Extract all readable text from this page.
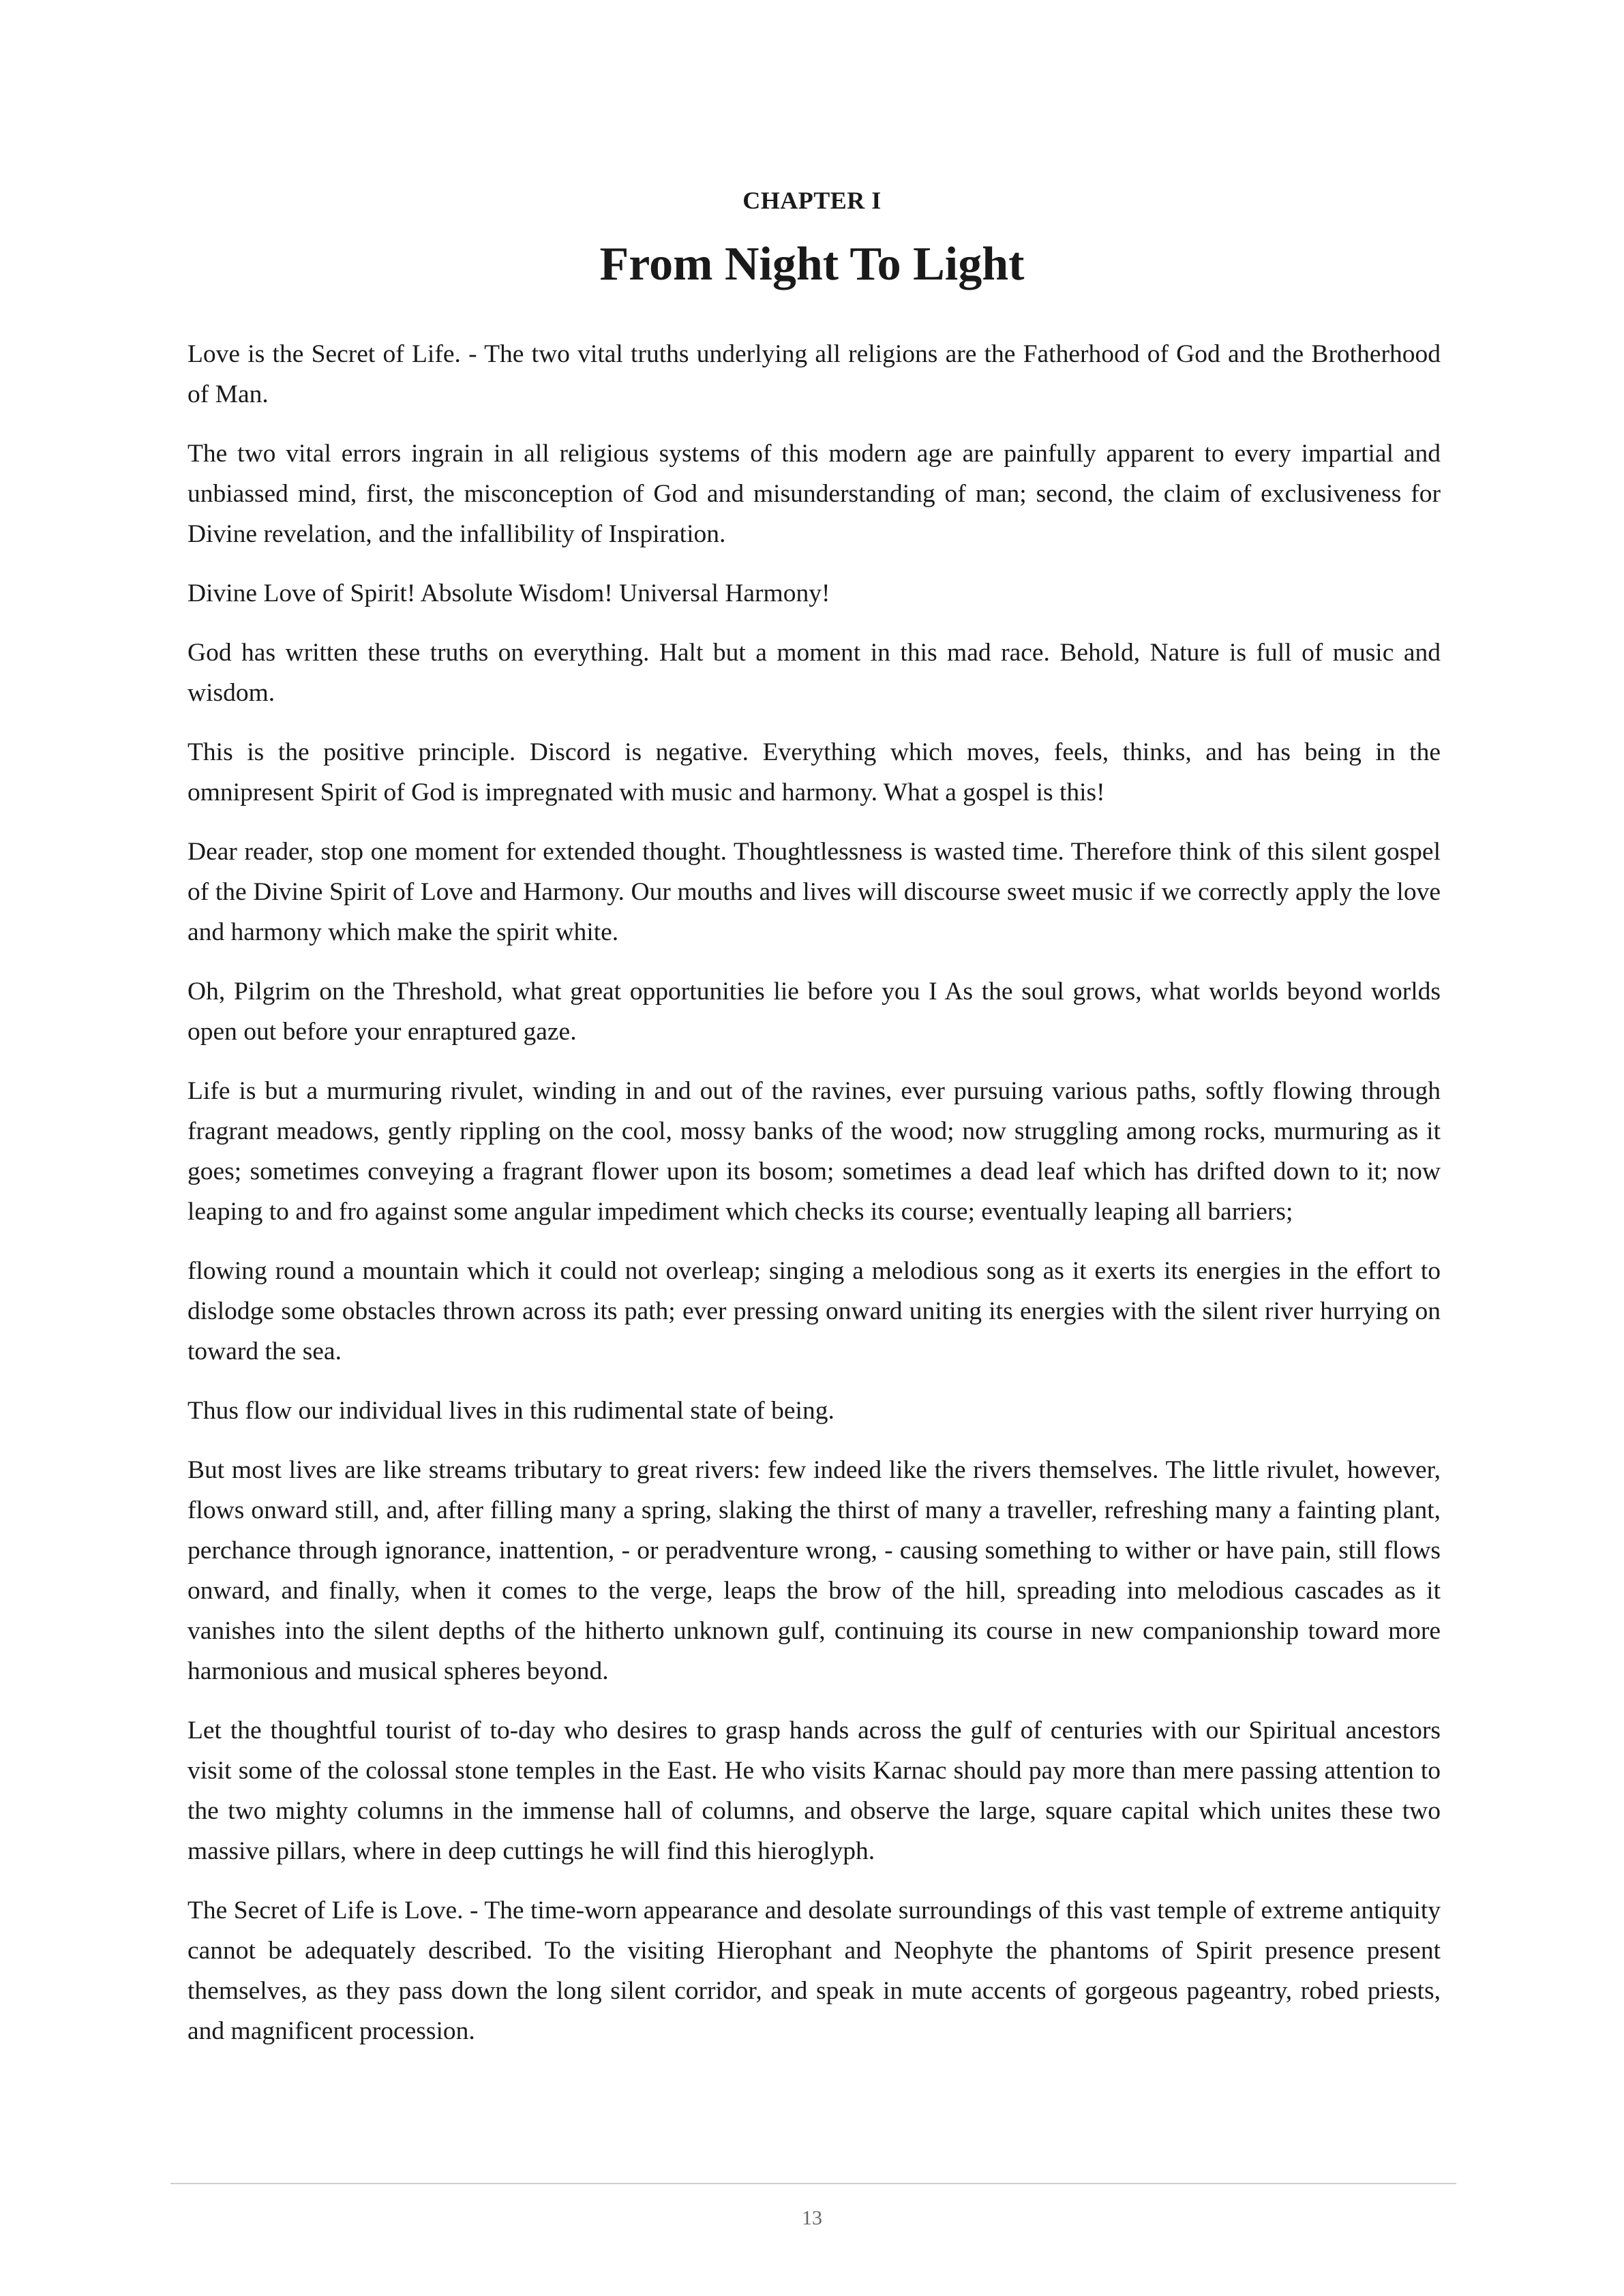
CHAPTER I
From Night To Light

Love is the Secret of Life. - The two vital truths underlying all religions are the Fatherhood of God and the Brotherhood of Man.

The two vital errors ingrain in all religious systems of this modern age are painfully apparent to every impartial and unbiassed mind, first, the misconception of God and misunderstanding of man; second, the claim of exclusiveness for Divine revelation, and the infallibility of Inspiration.

Divine Love of Spirit! Absolute Wisdom! Universal Harmony!

God has written these truths on everything. Halt but a moment in this mad race. Behold, Nature is full of music and wisdom.

This is the positive principle. Discord is negative. Everything which moves, feels, thinks, and has being in the omnipresent Spirit of God is impregnated with music and harmony. What a gospel is this!

Dear reader, stop one moment for extended thought. Thoughtlessness is wasted time. Therefore think of this silent gospel of the Divine Spirit of Love and Harmony. Our mouths and lives will discourse sweet music if we correctly apply the love and harmony which make the spirit white.

Oh, Pilgrim on the Threshold, what great opportunities lie before you I As the soul grows, what worlds beyond worlds open out before your enraptured gaze.

Life is but a murmuring rivulet, winding in and out of the ravines, ever pursuing various paths, softly flowing through fragrant meadows, gently rippling on the cool, mossy banks of the wood; now struggling among rocks, murmuring as it goes; sometimes conveying a fragrant flower upon its bosom; sometimes a dead leaf which has drifted down to it; now leaping to and fro against some angular impediment which checks its course; eventually leaping all barriers;

flowing round a mountain which it could not overleap; singing a melodious song as it exerts its energies in the effort to dislodge some obstacles thrown across its path; ever pressing onward uniting its energies with the silent river hurrying on toward the sea.

Thus flow our individual lives in this rudimental state of being.

But most lives are like streams tributary to great rivers: few indeed like the rivers themselves. The little rivulet, however, flows onward still, and, after filling many a spring, slaking the thirst of many a traveller, refreshing many a fainting plant, perchance through ignorance, inattention, - or peradventure wrong, - causing something to wither or have pain, still flows onward, and finally, when it comes to the verge, leaps the brow of the hill, spreading into melodious cascades as it vanishes into the silent depths of the hitherto unknown gulf, continuing its course in new companionship toward more harmonious and musical spheres beyond.

Let the thoughtful tourist of to-day who desires to grasp hands across the gulf of centuries with our Spiritual ancestors visit some of the colossal stone temples in the East. He who visits Karnac should pay more than mere passing attention to the two mighty columns in the immense hall of columns, and observe the large, square capital which unites these two massive pillars, where in deep cuttings he will find this hieroglyph.

The Secret of Life is Love. - The time-worn appearance and desolate surroundings of this vast temple of extreme antiquity cannot be adequately described. To the visiting Hierophant and Neophyte the phantoms of Spirit presence present themselves, as they pass down the long silent corridor, and speak in mute accents of gorgeous pageantry, robed priests, and magnificent procession.

13
